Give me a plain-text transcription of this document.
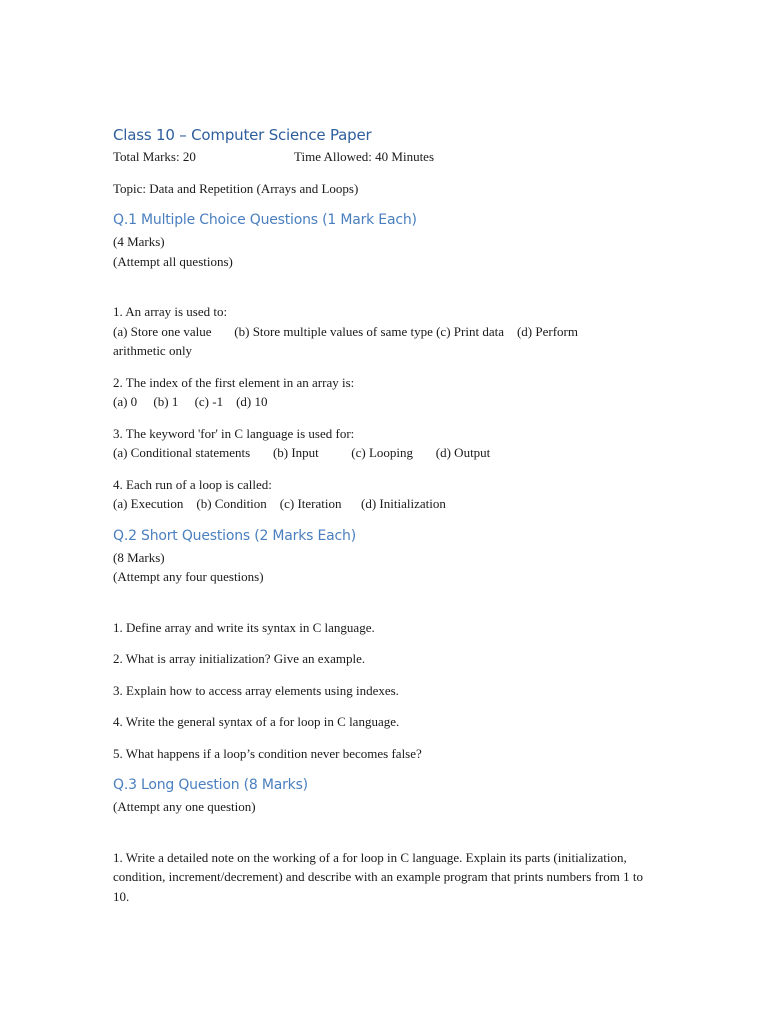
Class 10 – Computer Science Paper
Total Marks: 20	Time Allowed: 40 Minutes

Topic: Data and Repetition (Arrays and Loops)

Q.1 Multiple Choice Questions (1 Mark Each)

(4 Marks)

(Attempt all questions)

1. An array is used to:

(a) Store one value       (b) Store multiple values of same type (c) Print data    (d) Perform

arithmetic only

2. The index of the first element in an array is:

(a) 0     (b) 1     (c) -1    (d) 10

3. The keyword 'for' in C language is used for:

(a) Conditional statements       (b) Input          (c) Looping       (d) Output

4. Each run of a loop is called:

(a) Execution    (b) Condition    (c) Iteration      (d) Initialization

Q.2 Short Questions (2 Marks Each)

(8 Marks)

(Attempt any four questions)

1. Define array and write its syntax in C language.

2. What is array initialization? Give an example.

3. Explain how to access array elements using indexes.

4. Write the general syntax of a for loop in C language.

5. What happens if a loop’s condition never becomes false?

Q.3 Long Question (8 Marks)

(Attempt any one question)

1. Write a detailed note on the working of a for loop in C language. Explain its parts (initialization, condition, increment/decrement) and describe with an example program that prints numbers from 1 to 10.
